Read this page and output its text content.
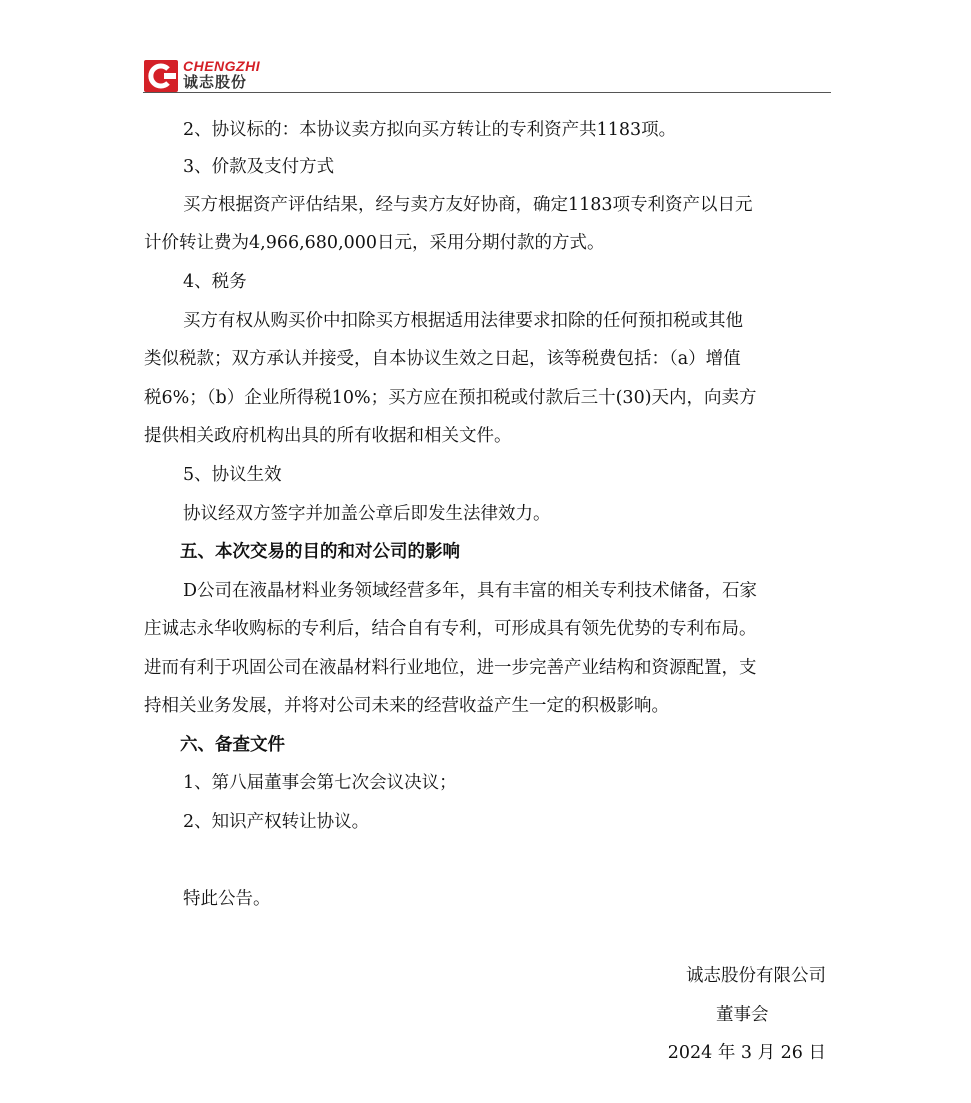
CHENGZHI
诚志股份
2、协议标的：本协议卖方拟向买方转让的专利资产共1183项。
3、价款及支付方式
买方根据资产评估结果，经与卖方友好协商，确定1183项专利资产以日元
计价转让费为4,966,680,000日元，采用分期付款的方式。
4、税务
买方有权从购买价中扣除买方根据适用法律要求扣除的任何预扣税或其他
类似税款；双方承认并接受，自本协议生效之日起，该等税费包括：（a）增值
税6%；（b）企业所得税10%；买方应在预扣税或付款后三十(30)天内，向卖方
提供相关政府机构出具的所有收据和相关文件。
5、协议生效
协议经双方签字并加盖公章后即发生法律效力。
五、本次交易的目的和对公司的影响
D公司在液晶材料业务领域经营多年，具有丰富的相关专利技术储备，石家
庄诚志永华收购标的专利后，结合自有专利，可形成具有领先优势的专利布局。
进而有利于巩固公司在液晶材料行业地位，进一步完善产业结构和资源配置，支
持相关业务发展，并将对公司未来的经营收益产生一定的积极影响。
六、备查文件
1、第八届董事会第七次会议决议；
2、知识产权转让协议。
特此公告。
诚志股份有限公司
董事会
2024 年 3 月 26 日
